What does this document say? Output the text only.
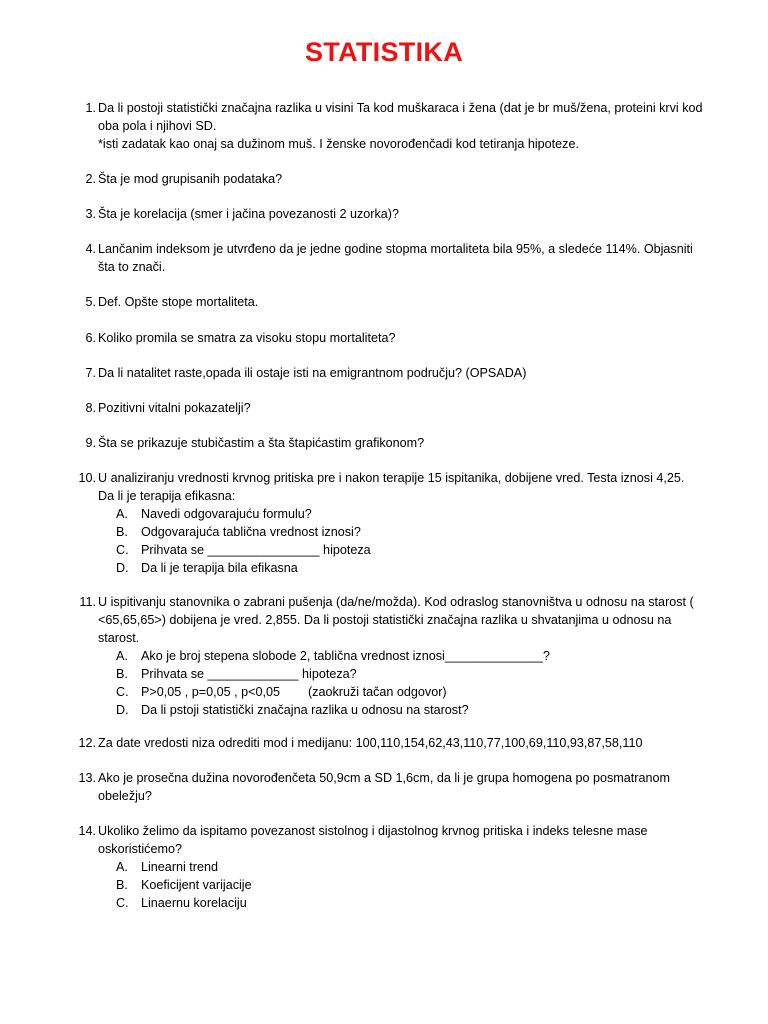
STATISTIKA
1. Da li postoji statistički značajna razlika u visini Ta kod muškaraca i žena (dat je br muš/žena, proteini krvi kod
oba pola i njihovi SD.
*isti zadatak kao onaj sa dužinom muš. I ženske novorođenčadi kod tetiranja hipoteze.
2. Šta je mod grupisanih podataka?
3. Šta je korelacija (smer i jačina povezanosti 2 uzorka)?
4. Lančanim indeksom je utvrđeno da je jedne godine stopma mortaliteta bila 95%, a sledeće 114%. Objasniti
šta to znači.
5. Def. Opšte stope mortaliteta.
6. Koliko promila se smatra za visoku stopu mortaliteta?
7. Da li natalitet raste,opada ili ostaje isti na emigrantnom području? (OPSADA)
8. Pozitivni vitalni pokazatelji?
9. Šta se prikazuje stubičastim a šta štapićastim grafikonom?
10. U analiziranju vrednosti krvnog pritiska pre i nakon terapije 15 ispitanika, dobijene vred. Testa iznosi 4,25.
Da li je terapija efikasna:
A.	Navedi odgovarajuću formulu?
B.	Odgovarajuća tablična vrednost iznosi?
C. Prihvata se ________________ hipoteza
D. Da li je terapija bila efikasna
11. U ispitivanju stanovnika o zabrani pušenja (da/ne/možda). Kod odraslog stanovništva u odnosu na starost (
<65,65,65>) dobijena je vred. 2,855. Da li postoji statistički značajna razlika u shvatanjima u odnosu na
starost.
A.	Ako je broj stepena slobode 2, tablična vrednost iznosi______________?
B.	Prihvata se _____________ hipoteza?
C. P>0,05 , p=0,05 , p<0,05        (zaokruži tačan odgovor)
D. Da li pstoji statistički značajna razlika u odnosu na starost?
12. Za date vredosti niza odrediti mod i medijanu: 100,110,154,62,43,110,77,100,69,110,93,87,58,110
13. Ako je prosečna dužina novorođenčeta 50,9cm a SD 1,6cm, da li je grupa homogena po posmatranom
obeležju?
14. Ukoliko želimo da ispitamo povezanost sistolnog i dijastolnog krvnog pritiska i indeks telesne mase
oskoristićemo?
A.	Linearni trend
B.	Koeficijent varijacije
C. Linaernu korelaciju
